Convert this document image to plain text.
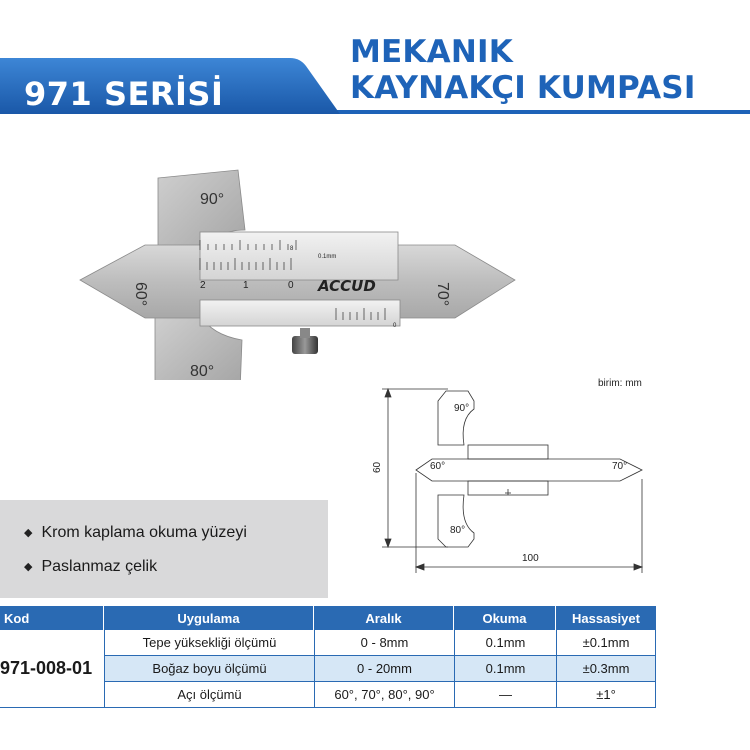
971 SERİSİ
MEKANIK
KAYNAKÇI KUMPASI
90°
80°
60°	70°
ACCUD
0.1mm
2	1	0
8
0
birim: mm
90°
60°	70°
80°
60
100
◆ Krom kaplama okuma yüzeyi
◆ Paslanmaz çelik
Kod	Uygulama	Aralık	Okuma	Hassasiyet
971-008-01
Tepe yüksekliği ölçümü	0 - 8mm	0.1mm	±0.1mm
Boğaz boyu ölçümü	0 - 20mm	0.1mm	±0.3mm
Açı ölçümü	60°, 70°, 80°, 90°	—	±1°
